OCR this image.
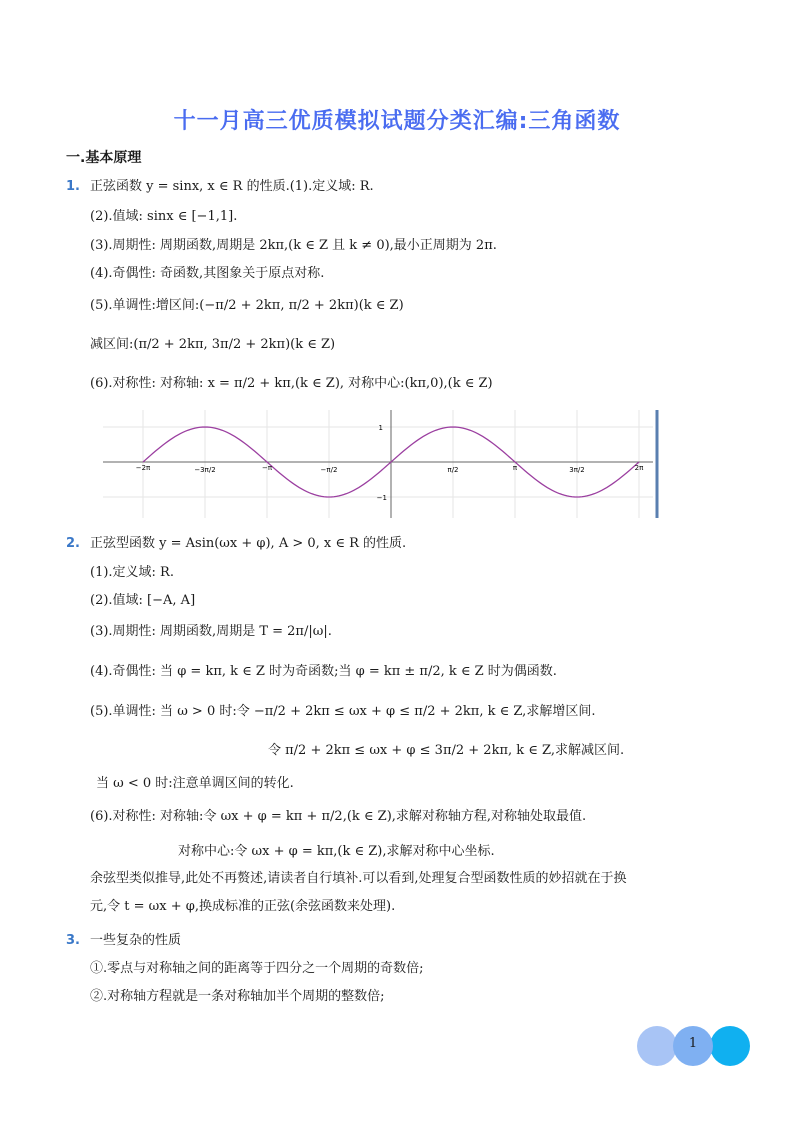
十一月高三优质模拟试题分类汇编:三角函数
一.基本原理
1. 正弦函数 y = sinx, x ∈ R 的性质.(1).定义域: R.
(2).值域: sinx ∈ [−1,1].
(3).周期性: 周期函数,周期是 2kπ,(k ∈ Z 且 k ≠ 0),最小正周期为 2π.
(4).奇偶性: 奇函数,其图象关于原点对称.
(5).单调性:增区间:(−π/2 + 2kπ, π/2 + 2kπ)(k ∈ Z)
减区间:(π/2 + 2kπ, 3π/2 + 2kπ)(k ∈ Z)
(6).对称性: 对称轴: x = π/2 + kπ,(k ∈ Z), 对称中心:(kπ,0),(k ∈ Z)
−2π	−3π/2	−π	−π/2	π/2	π	3π/2	2π
1
−1
2. 正弦型函数 y = Asin(ωx + φ), A > 0, x ∈ R 的性质.
(1).定义域: R.
(2).值域: [−A, A]
(3).周期性: 周期函数,周期是 T = 2π/|ω|.
(4).奇偶性: 当 φ = kπ, k ∈ Z 时为奇函数;当 φ = kπ ± π/2, k ∈ Z 时为偶函数.
(5).单调性: 当 ω > 0 时:令 −π/2 + 2kπ ≤ ωx + φ ≤ π/2 + 2kπ, k ∈ Z,求解增区间.
令 π/2 + 2kπ ≤ ωx + φ ≤ 3π/2 + 2kπ, k ∈ Z,求解减区间.
当 ω < 0 时:注意单调区间的转化.
(6).对称性: 对称轴:令 ωx + φ = kπ + π/2,(k ∈ Z),求解对称轴方程,对称轴处取最值.
对称中心:令 ωx + φ = kπ,(k ∈ Z),求解对称中心坐标.
余弦型类似推导,此处不再赘述,请读者自行填补.可以看到,处理复合型函数性质的妙招就在于换
元,令 t = ωx + φ,换成标准的正弦(余弦函数来处理).
3. 一些复杂的性质
①.零点与对称轴之间的距离等于四分之一个周期的奇数倍;
②.对称轴方程就是一条对称轴加半个周期的整数倍;
1
